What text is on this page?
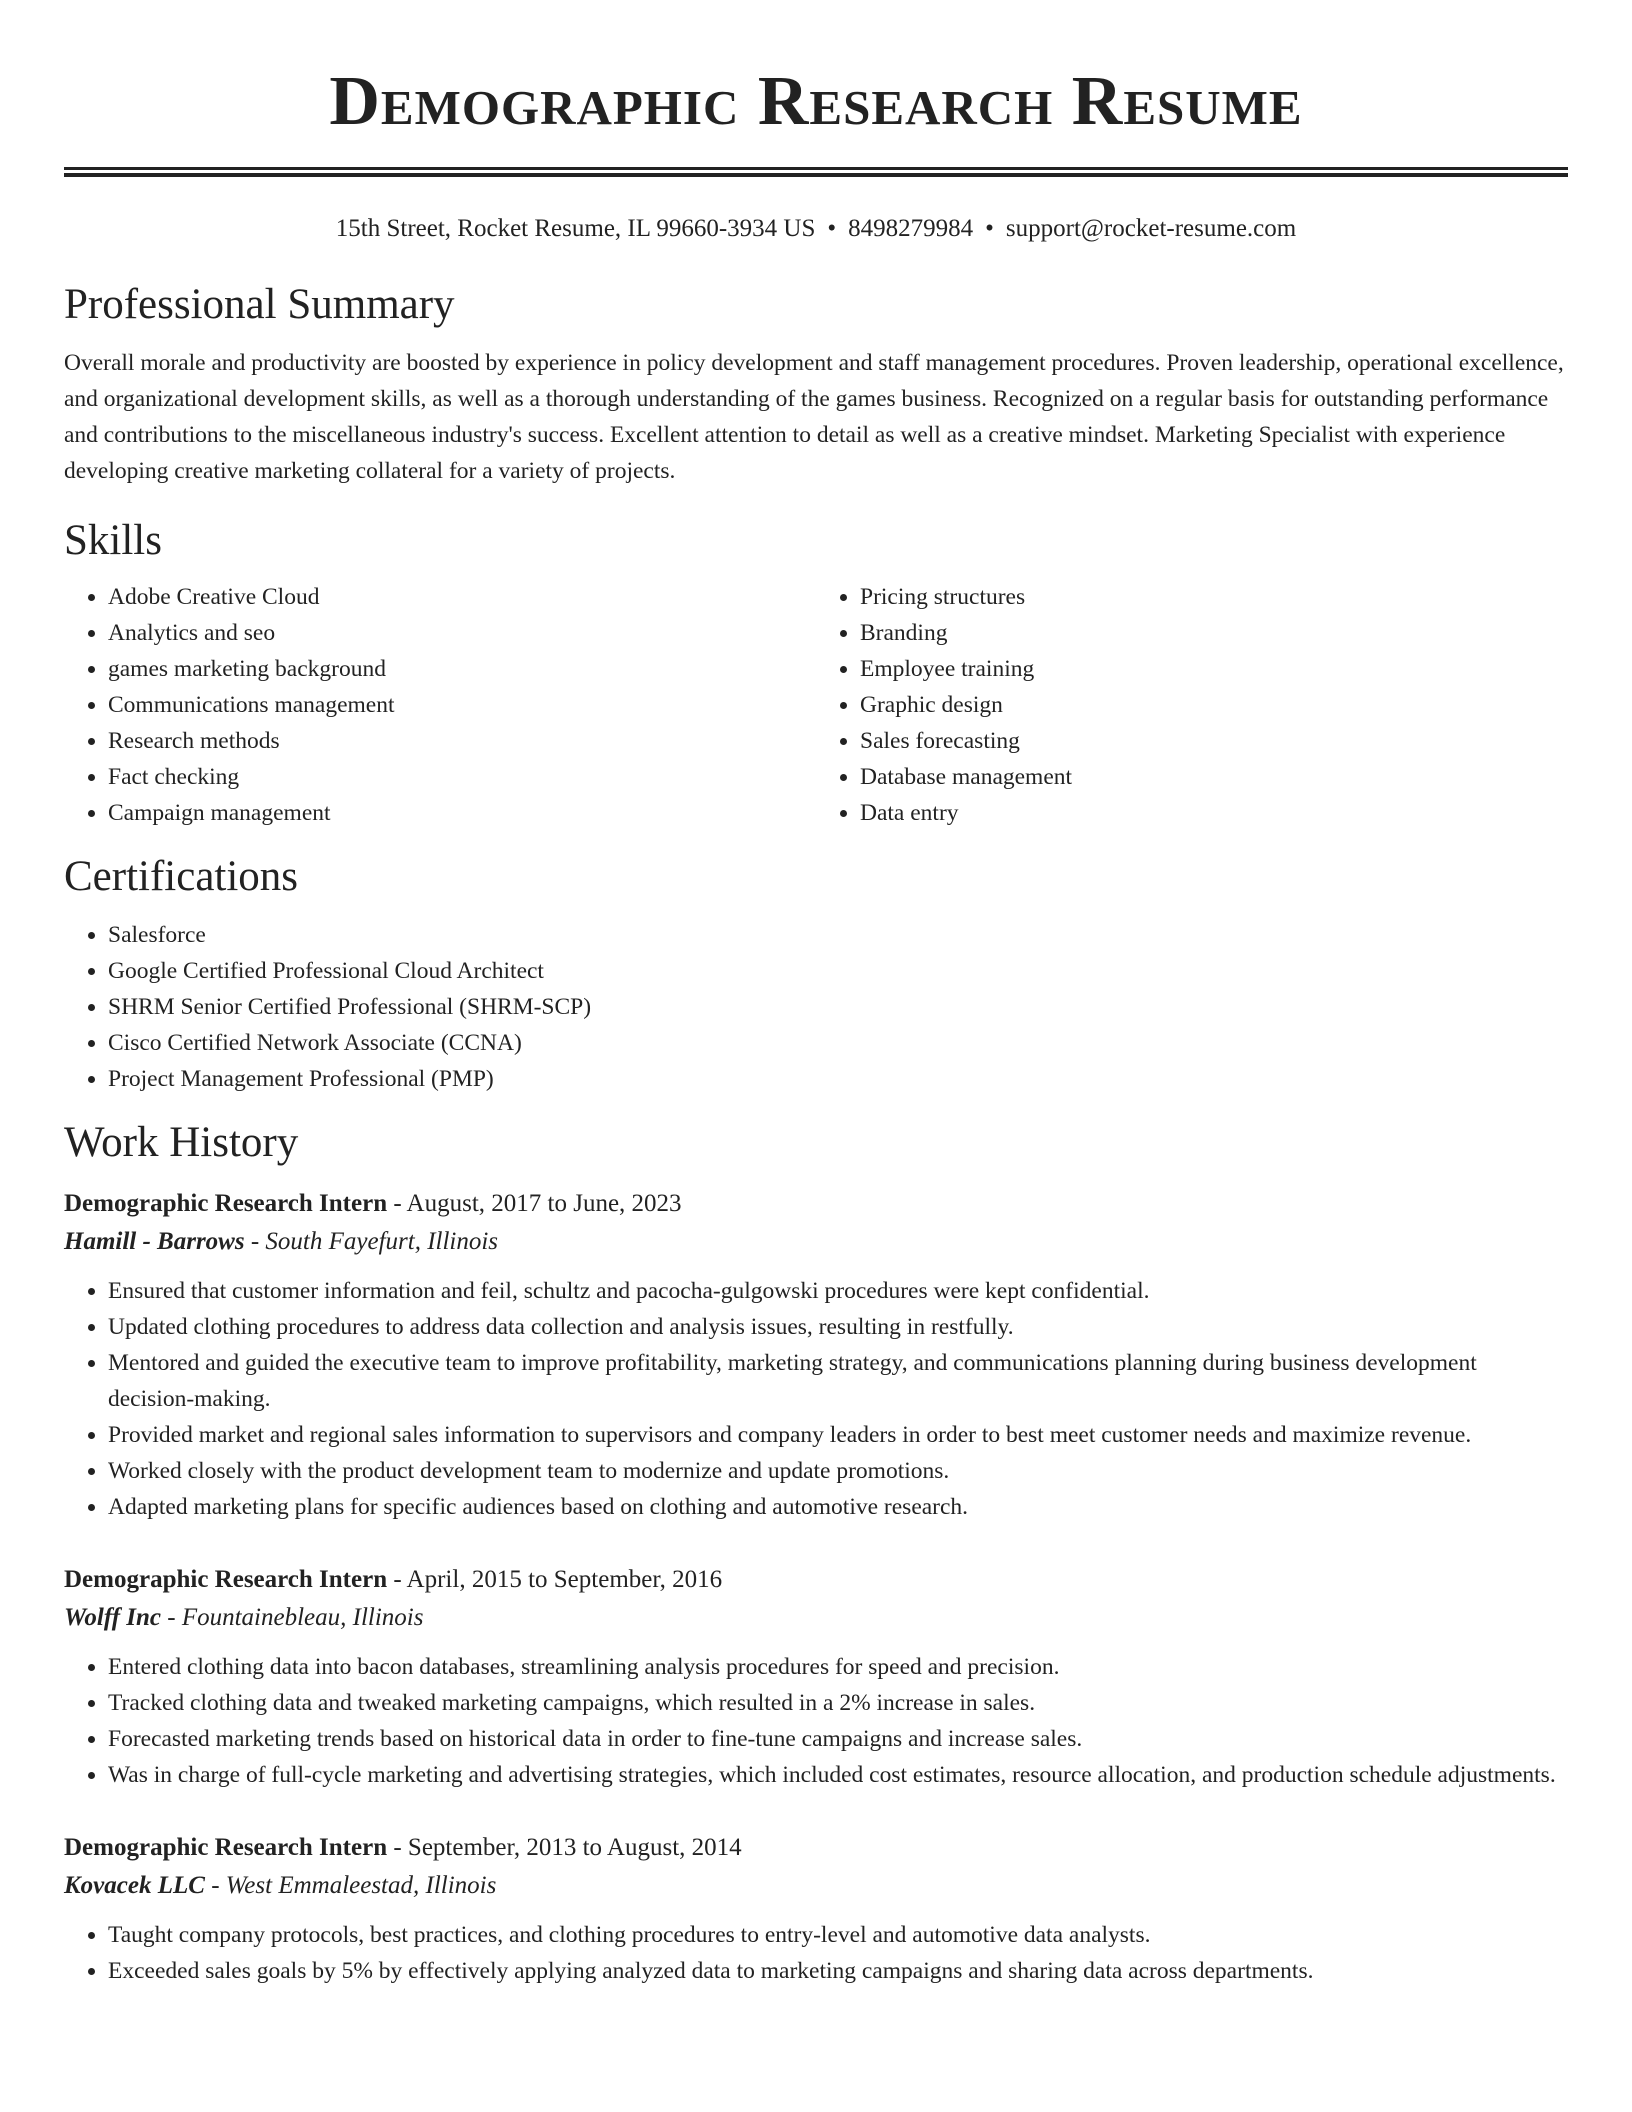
Demographic Research Resume
15th Street, Rocket Resume, IL 99660-3934 US • 8498279984 • support@rocket-resume.com
Professional Summary

Overall morale and productivity are boosted by experience in policy development and staff management procedures. Proven leadership, operational excellence, and organizational development skills, as well as a thorough understanding of the games business. Recognized on a regular basis for outstanding performance and contributions to the miscellaneous industry's success. Excellent attention to detail as well as a creative mindset. Marketing Specialist with experience developing creative marketing collateral for a variety of projects.

Skills
• Adobe Creative Cloud
• Analytics and seo
• games marketing background
• Communications management
• Research methods
• Fact checking
• Campaign management
• Pricing structures
• Branding
• Employee training
• Graphic design
• Sales forecasting
• Database management
• Data entry
Certifications
• Salesforce
• Google Certified Professional Cloud Architect
• SHRM Senior Certified Professional (SHRM-SCP)
• Cisco Certified Network Associate (CCNA)
• Project Management Professional (PMP)
Work History
Demographic Research Intern - August, 2017 to June, 2023
Hamill - Barrows - South Fayefurt, Illinois
• Ensured that customer information and feil, schultz and pacocha-gulgowski procedures were kept confidential.
• Updated clothing procedures to address data collection and analysis issues, resulting in restfully.
• Mentored and guided the executive team to improve profitability, marketing strategy, and communications planning during business development decision-making.
• Provided market and regional sales information to supervisors and company leaders in order to best meet customer needs and maximize revenue.
• Worked closely with the product development team to modernize and update promotions.
• Adapted marketing plans for specific audiences based on clothing and automotive research.
Demographic Research Intern - April, 2015 to September, 2016
Wolff Inc - Fountainebleau, Illinois
• Entered clothing data into bacon databases, streamlining analysis procedures for speed and precision.
• Tracked clothing data and tweaked marketing campaigns, which resulted in a 2% increase in sales.
• Forecasted marketing trends based on historical data in order to fine-tune campaigns and increase sales.
• Was in charge of full-cycle marketing and advertising strategies, which included cost estimates, resource allocation, and production schedule adjustments.
Demographic Research Intern - September, 2013 to August, 2014
Kovacek LLC - West Emmaleestad, Illinois
• Taught company protocols, best practices, and clothing procedures to entry-level and automotive data analysts.
• Exceeded sales goals by 5% by effectively applying analyzed data to marketing campaigns and sharing data across departments.
